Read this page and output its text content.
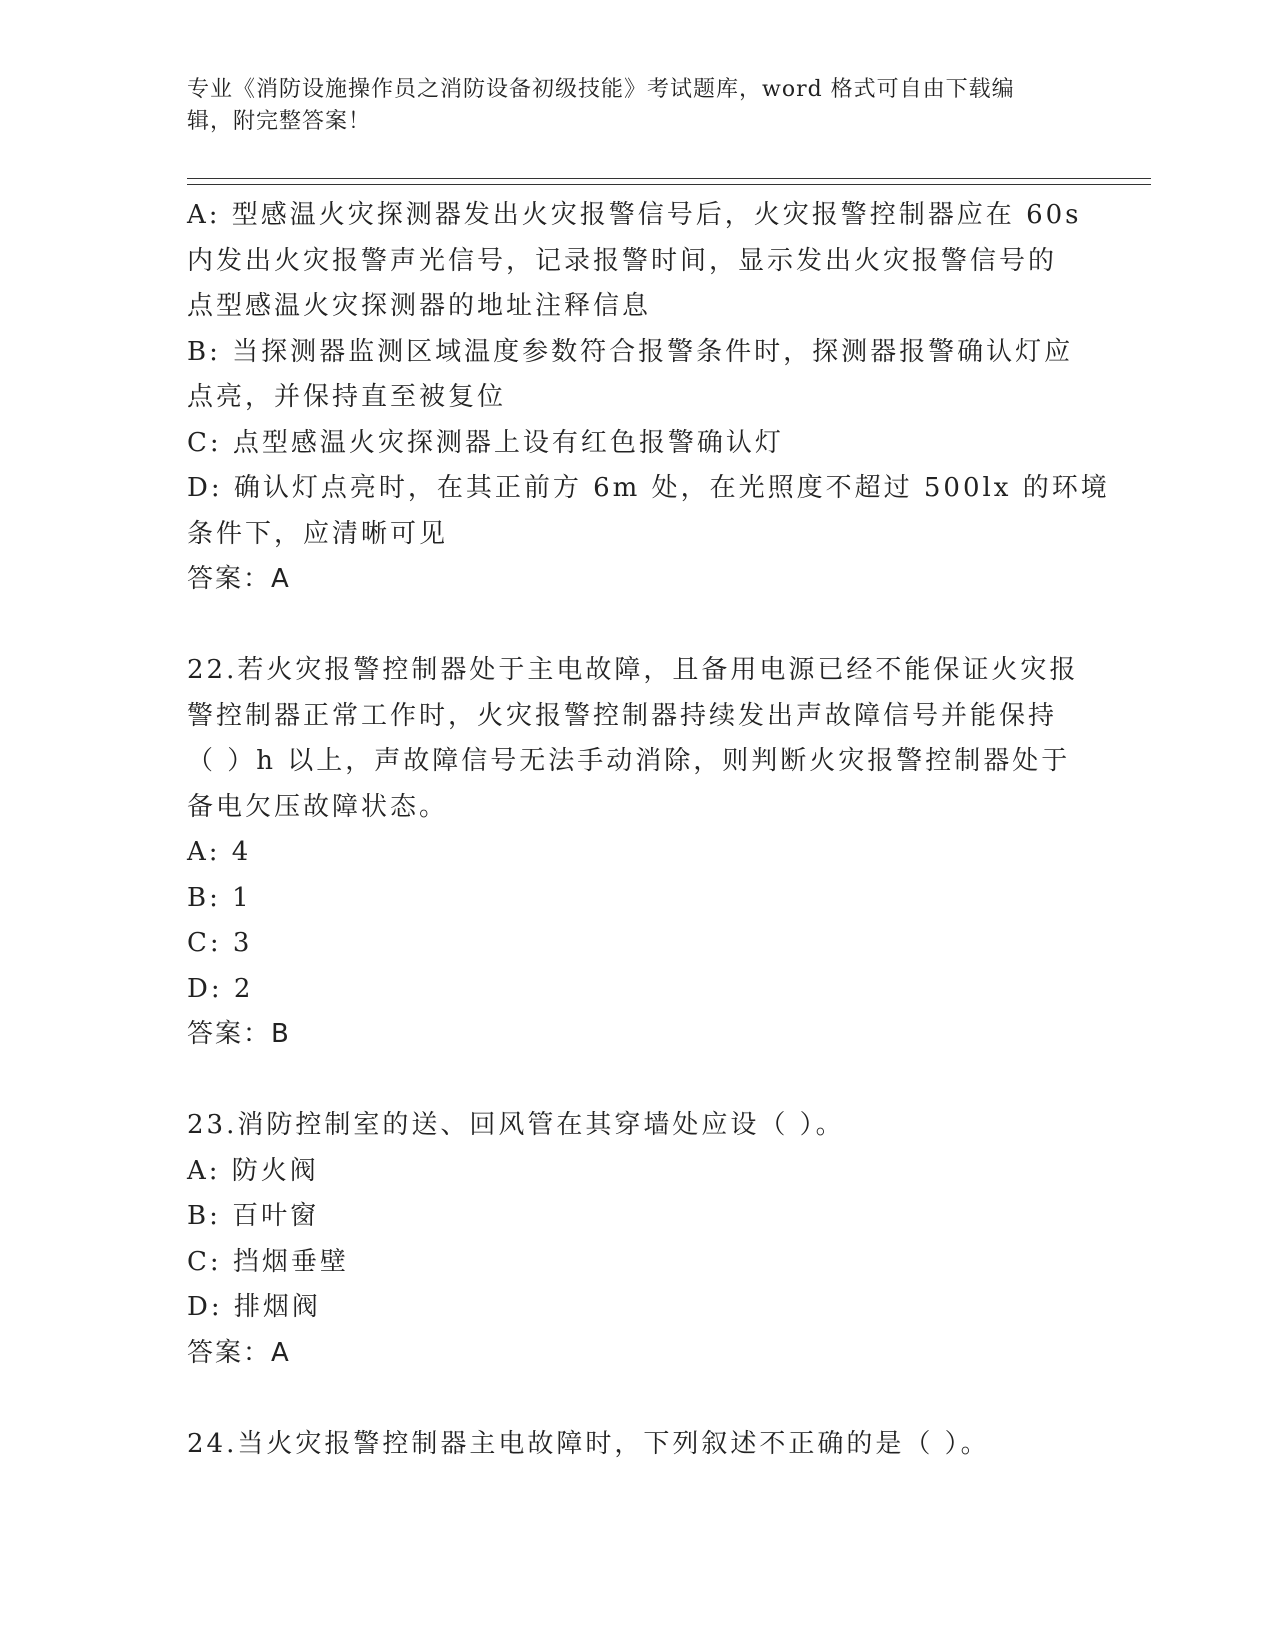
专业《消防设施操作员之消防设备初级技能》考试题库，word 格式可自由下载编
辑，附完整答案！
A: 型感温火灾探测器发出火灾报警信号后，火灾报警控制器应在 60s
内发出火灾报警声光信号，记录报警时间，显示发出火灾报警信号的
点型感温火灾探测器的地址注释信息
B: 当探测器监测区域温度参数符合报警条件时，探测器报警确认灯应
点亮，并保持直至被复位
C: 点型感温火灾探测器上设有红色报警确认灯
D: 确认灯点亮时，在其正前方 6m 处，在光照度不超过 500lx 的环境
条件下，应清晰可见
答案：A
22.若火灾报警控制器处于主电故障，且备用电源已经不能保证火灾报
警控制器正常工作时，火灾报警控制器持续发出声故障信号并能保持
（ ）h 以上，声故障信号无法手动消除，则判断火灾报警控制器处于
备电欠压故障状态。
A: 4
B: 1
C: 3
D: 2
答案：B
23.消防控制室的送、回风管在其穿墙处应设（ ）。
A: 防火阀
B: 百叶窗
C: 挡烟垂壁
D: 排烟阀
答案：A
24.当火灾报警控制器主电故障时，下列叙述不正确的是（ ）。
